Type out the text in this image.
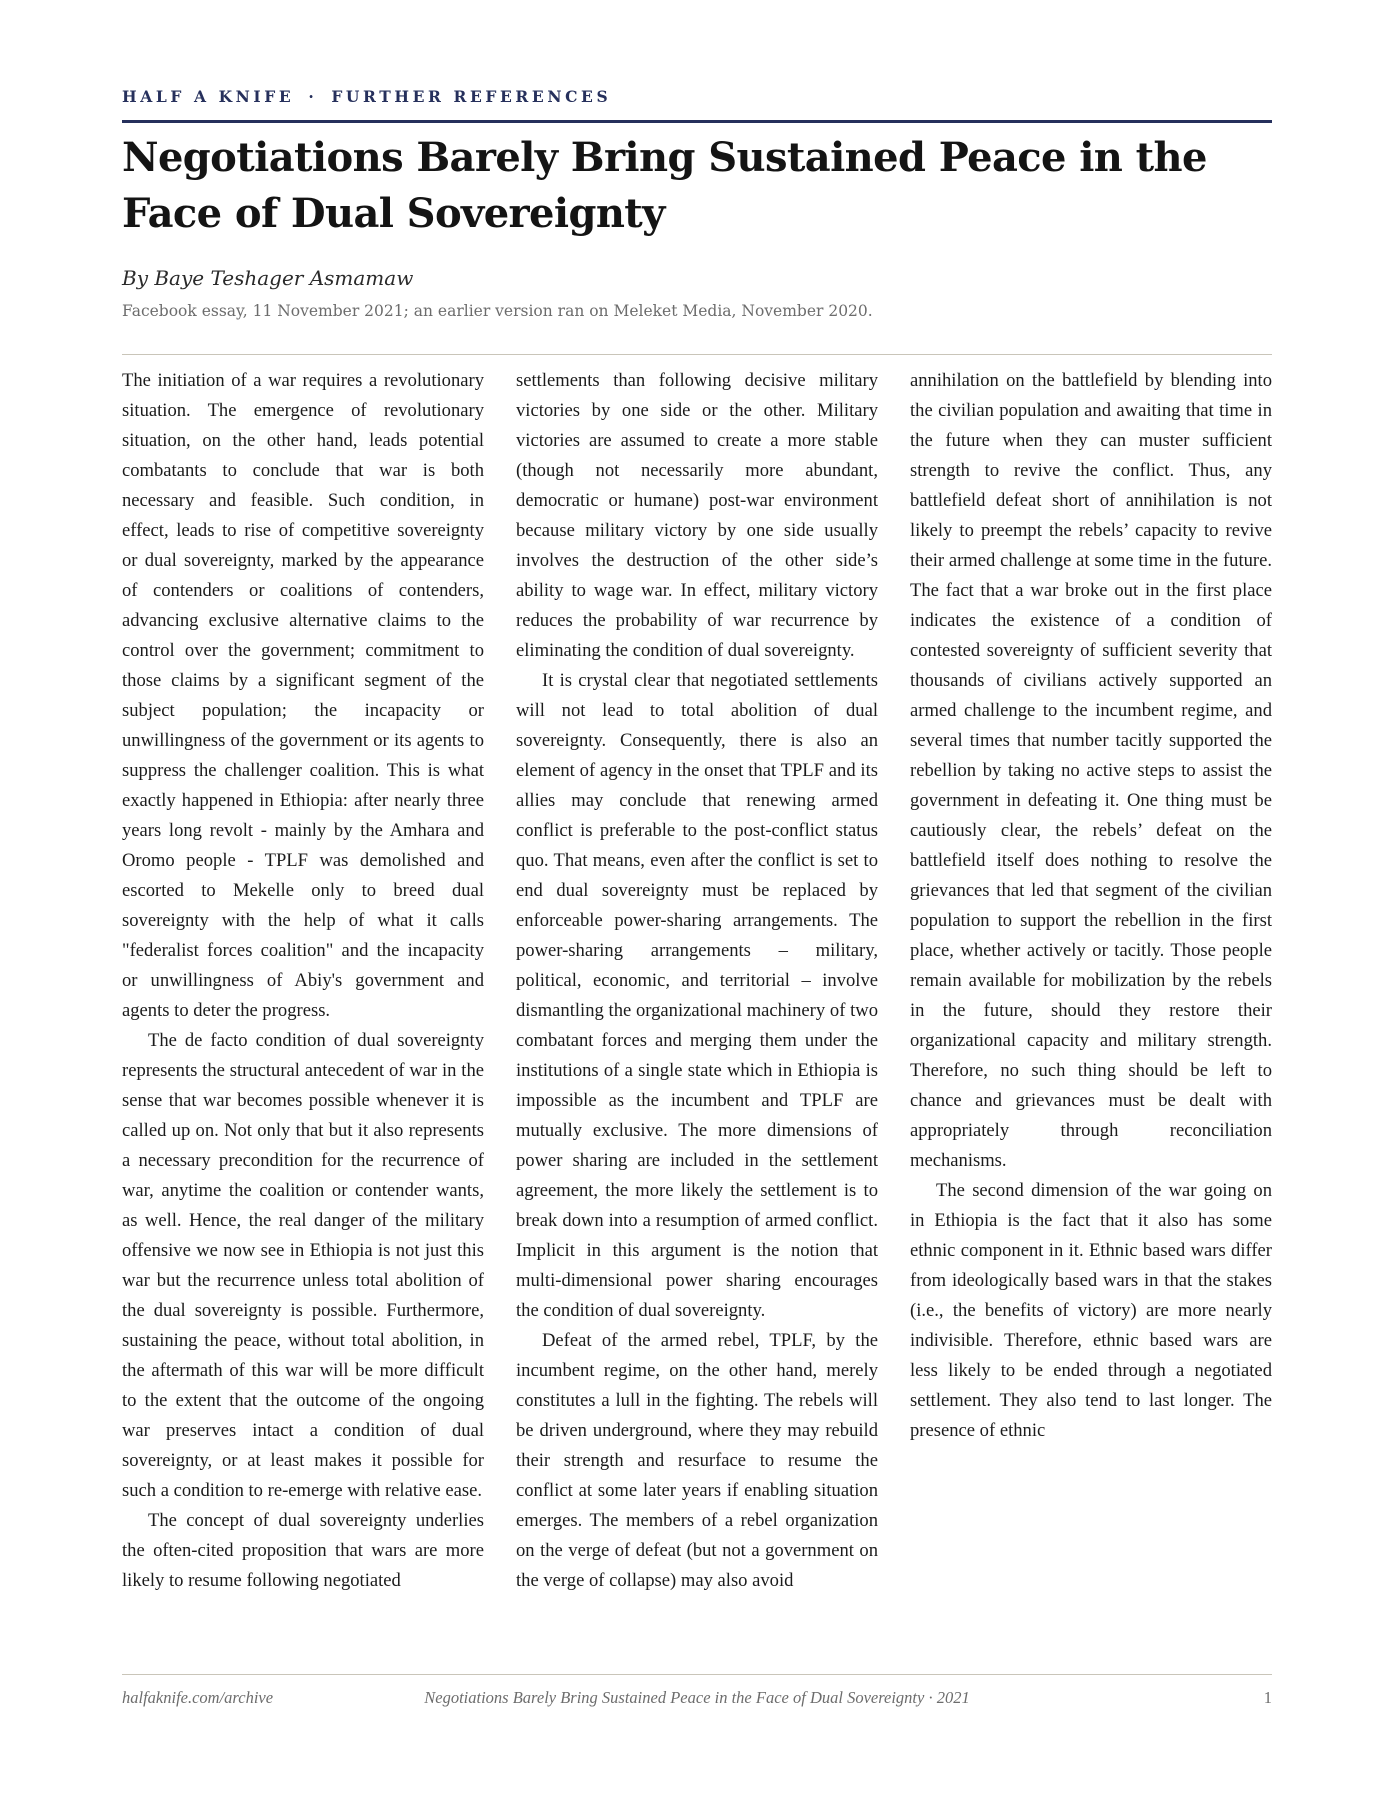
HALF A KNIFE · FURTHER REFERENCES
Negotiations Barely Bring Sustained Peace in the Face of Dual Sovereignty
By Baye Teshager Asmamaw
Facebook essay, 11 November 2021; an earlier version ran on Meleket Media, November 2020.

The initiation of a war requires a revolutionary situation. The emergence of revolutionary situation, on the other hand, leads potential combatants to conclude that war is both necessary and feasible. Such condition, in effect, leads to rise of competitive sovereignty or dual sovereignty, marked by the appearance of contenders or coalitions of contenders, advancing exclusive alternative claims to the control over the government; commitment to those claims by a significant segment of the subject population; the incapacity or unwillingness of the government or its agents to suppress the challenger coalition. This is what exactly happened in Ethiopia: after nearly three years long revolt - mainly by the Amhara and Oromo people - TPLF was demolished and escorted to Mekelle only to breed dual sovereignty with the help of what it calls "federalist forces coalition" and the incapacity or unwillingness of Abiy's government and agents to deter the progress.

The de facto condition of dual sovereignty represents the structural antecedent of war in the sense that war becomes possible whenever it is called up on. Not only that but it also represents a necessary precondition for the recurrence of war, anytime the coalition or contender wants, as well. Hence, the real danger of the military offensive we now see in Ethiopia is not just this war but the recurrence unless total abolition of the dual sovereignty is possible. Furthermore, sustaining the peace, without total abolition, in the aftermath of this war will be more difficult to the extent that the outcome of the ongoing war preserves intact a condition of dual sovereignty, or at least makes it possible for such a condition to re-emerge with relative ease.

The concept of dual sovereignty underlies the often-cited proposition that wars are more likely to resume following negotiated

settlements than following decisive military victories by one side or the other. Military victories are assumed to create a more stable (though not necessarily more abundant, democratic or humane) post-war environment because military victory by one side usually involves the destruction of the other side’s ability to wage war. In effect, military victory reduces the probability of war recurrence by eliminating the condition of dual sovereignty.

It is crystal clear that negotiated settlements will not lead to total abolition of dual sovereignty. Consequently, there is also an element of agency in the onset that TPLF and its allies may conclude that renewing armed conflict is preferable to the post-conflict status quo. That means, even after the conflict is set to end dual sovereignty must be replaced by enforceable power-sharing arrangements. The power-sharing arrangements – military, political, economic, and territorial – involve dismantling the organizational machinery of two combatant forces and merging them under the institutions of a single state which in Ethiopia is impossible as the incumbent and TPLF are mutually exclusive. The more dimensions of power sharing are included in the settlement agreement, the more likely the settlement is to break down into a resumption of armed conflict. Implicit in this argument is the notion that multi-dimensional power sharing encourages the condition of dual sovereignty.

Defeat of the armed rebel, TPLF, by the incumbent regime, on the other hand, merely constitutes a lull in the fighting. The rebels will be driven underground, where they may rebuild their strength and resurface to resume the conflict at some later years if enabling situation emerges. The members of a rebel organization on the verge of defeat (but not a government on the verge of collapse) may also avoid

annihilation on the battlefield by blending into the civilian population and awaiting that time in the future when they can muster sufficient strength to revive the conflict. Thus, any battlefield defeat short of annihilation is not likely to preempt the rebels’ capacity to revive their armed challenge at some time in the future. The fact that a war broke out in the first place indicates the existence of a condition of contested sovereignty of sufficient severity that thousands of civilians actively supported an armed challenge to the incumbent regime, and several times that number tacitly supported the rebellion by taking no active steps to assist the government in defeating it. One thing must be cautiously clear, the rebels’ defeat on the battlefield itself does nothing to resolve the grievances that led that segment of the civilian population to support the rebellion in the first place, whether actively or tacitly. Those people remain available for mobilization by the rebels in the future, should they restore their organizational capacity and military strength. Therefore, no such thing should be left to chance and grievances must be dealt with appropriately through reconciliation mechanisms.

The second dimension of the war going on in Ethiopia is the fact that it also has some ethnic component in it. Ethnic based wars differ from ideologically based wars in that the stakes (i.e., the benefits of victory) are more nearly indivisible. Therefore, ethnic based wars are less likely to be ended through a negotiated settlement. They also tend to last longer. The presence of ethnic

halfaknife.com/archive	Negotiations Barely Bring Sustained Peace in the Face of Dual Sovereignty · 2021	1
